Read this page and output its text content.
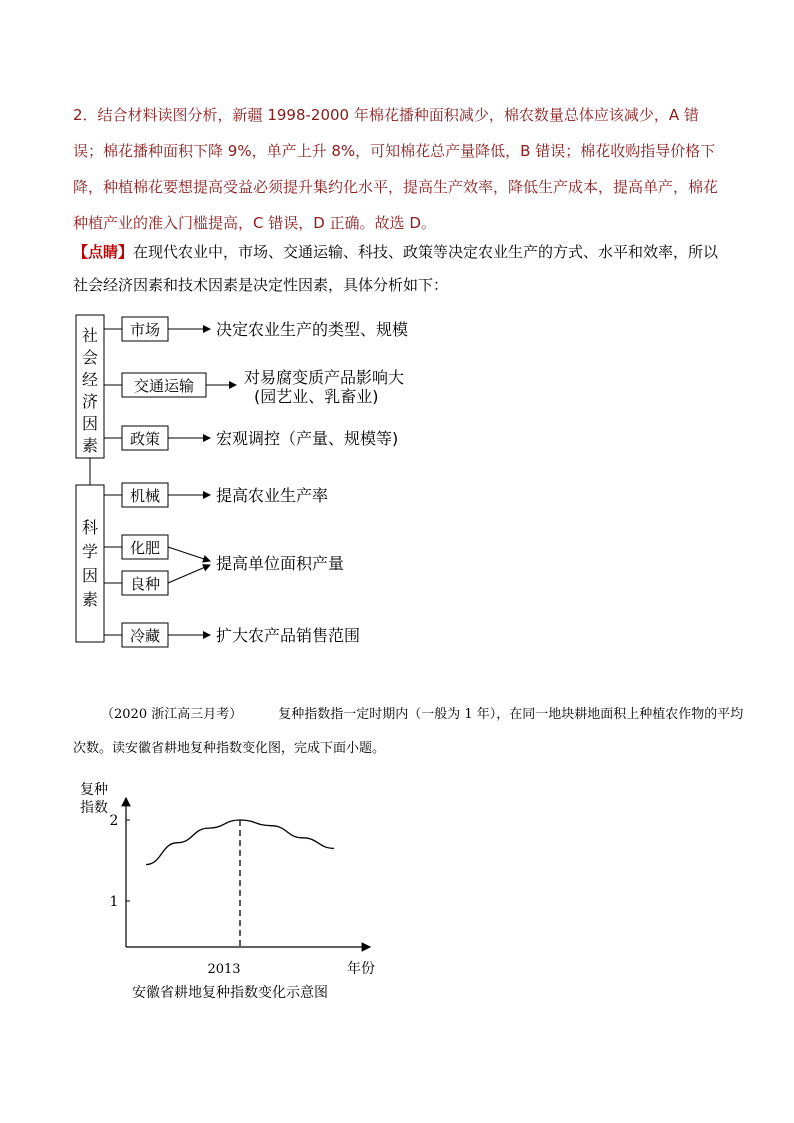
2．结合材料读图分析，新疆 1998-2000 年棉花播种面积减少，棉农数量总体应该减少，A 错误；棉花播种面积下降 9%，单产上升 8%，可知棉花总产量降低，B 错误；棉花收购指导价格下降，种植棉花要想提高受益必须提升集约化水平，提高生产效率，降低生产成本，提高单产，棉花种植产业的准入门槛提高，C 错误，D 正确。故选 D。
【点睛】在现代农业中，市场、交通运输、科技、政策等决定农业生产的方式、水平和效率，所以社会经济因素和技术因素是决定性因素，具体分析如下：
社
会
经
济
因
素
科
学
因
素
市场
交通运输
政策
机械
化肥
良种
冷藏
决定农业生产的类型、规模
对易腐变质产品影响大
(园艺业、乳畜业)
宏观调控（产量、规模等)
提高农业生产率
提高单位面积产量
扩大农产品销售范围
（2020 浙江高三月考）	复种指数指一定时期内（一般为 1 年），在同一地块耕地面积上种植农作物的平均次数。读安徽省耕地复种指数变化图，完成下面小题。
复种
指数
2
1
2013	年份
安徽省耕地复种指数变化示意图
